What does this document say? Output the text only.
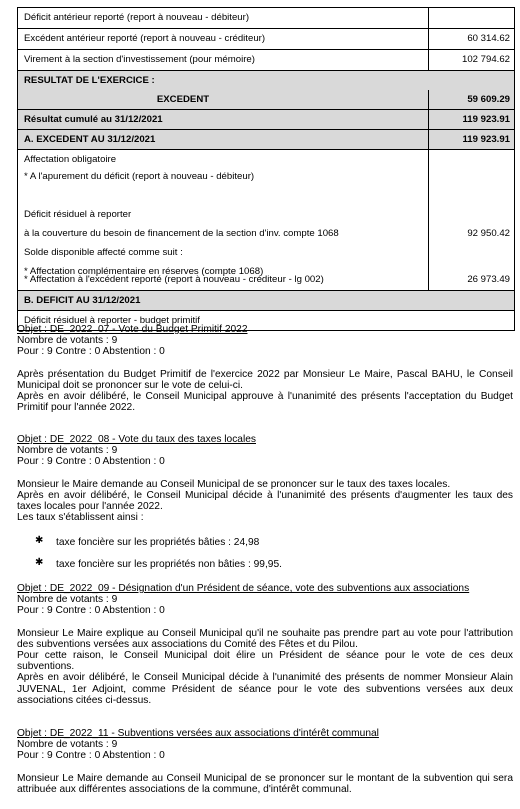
Déficit antérieur reporté (report à nouveau - débiteur)
Excédent antérieur reporté (report à nouveau - créditeur)	60 314.62
Virement à la section d'investissement (pour mémoire)	102 794.62
RESULTAT DE L'EXERCICE :
EXCEDENT	59 609.29
Résultat cumulé au 31/12/2021	119 923.91
A. EXCEDENT AU 31/12/2021	119 923.91
Affectation obligatoire
* A l'apurement du déficit (report à nouveau - débiteur)
Déficit résiduel à reporter
à la couverture du besoin de financement de la section d'inv. compte 1068	92 950.42
Solde disponible affecté comme suit :
* Affectation complémentaire en réserves (compte 1068)
* Affectation à l'excédent reporté (report à nouveau - créditeur - lg 002)	26 973.49
B. DEFICIT AU 31/12/2021
Déficit résiduel à reporter - budget primitif
Objet : DE_2022_07 - Vote du Budget Primitif 2022
Nombre de votants : 9
Pour : 9 Contre : 0 Abstention : 0
Après présentation du Budget Primitif de l'exercice 2022 par Monsieur Le Maire, Pascal BAHU, le Conseil Municipal doit se prononcer sur le vote de celui-ci.
Après en avoir délibéré, le Conseil Municipal approuve à l'unanimité des présents l'acceptation du Budget Primitif pour l'année 2022.
Objet : DE_2022_08 - Vote du taux des taxes locales
Nombre de votants : 9
Pour : 9 Contre : 0 Abstention : 0
Monsieur le Maire demande au Conseil Municipal de se prononcer sur le taux des taxes locales.
Après en avoir délibéré, le Conseil Municipal décide à l'unanimité des présents d'augmenter les taux des taxes locales pour l'année 2022.
Les taux s'établissent ainsi :
✱ taxe foncière sur les propriétés bâties : 24,98
✱ taxe foncière sur les propriétés non bâties : 99,95.
Objet : DE_2022_09 - Désignation d'un Président de séance, vote des subventions aux associations
Nombre de votants : 9
Pour : 9 Contre : 0 Abstention : 0
Monsieur Le Maire explique au Conseil Municipal qu'il ne souhaite pas prendre part au vote pour l'attribution des subventions versées aux associations du Comité des Fêtes et du Pilou.
Pour cette raison, le Conseil Municipal doit élire un Président de séance pour le vote de ces deux subventions.
Après en avoir délibéré, le Conseil Municipal décide à l'unanimité des présents de nommer Monsieur Alain JUVENAL, 1er Adjoint, comme Président de séance pour le vote des subventions versées aux deux associations citées ci-dessus.
Objet : DE_2022_11 - Subventions versées aux associations d'intérêt communal
Nombre de votants : 9
Pour : 9 Contre : 0 Abstention : 0
Monsieur Le Maire demande au Conseil Municipal de se prononcer sur le montant de la subvention qui sera attribuée aux différentes associations de la commune, d'intérêt communal.
